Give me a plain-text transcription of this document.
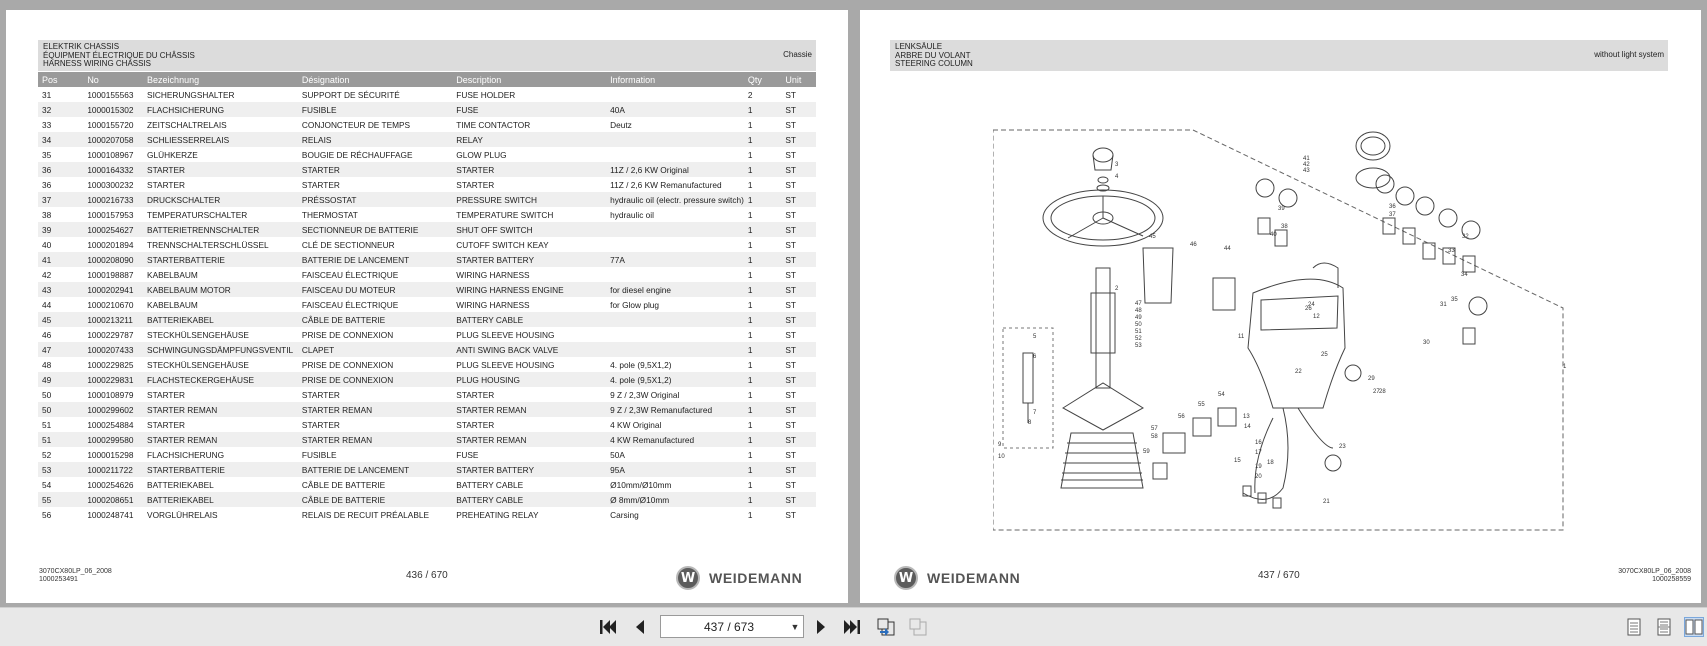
ELEKTRIK CHASSIS
ÉQUIPMENT ÉLECTRIQUE DU CHÂSSIS
HARNESS WIRING CHASSIS
Chassie
Pos	No	Bezeichnung	Désignation	Description	Information	Qty	Unit
31	1000155563	SICHERUNGSHALTER	SUPPORT DE SÉCURITÉ	FUSE HOLDER		2	ST
32	1000015302	FLACHSICHERUNG	FUSIBLE	FUSE	40A	1	ST
33	1000155720	ZEITSCHALTRELAIS	CONJONCTEUR DE TEMPS	TIME CONTACTOR	Deutz	1	ST
34	1000207058	SCHLIESSERRELAIS	RELAIS	RELAY		1	ST
35	1000108967	GLÜHKERZE	BOUGIE DE RÉCHAUFFAGE	GLOW PLUG		1	ST
36	1000164332	STARTER	STARTER	STARTER	11Z / 2,6 KW Original	1	ST
36	1000300232	STARTER	STARTER	STARTER	11Z / 2,6 KW Remanufactured	1	ST
37	1000216733	DRUCKSCHALTER	PRÉSSOSTAT	PRESSURE SWITCH	hydraulic oil (electr. pressure switch)	1	ST
38	1000157953	TEMPERATURSCHALTER	THERMOSTAT	TEMPERATURE SWITCH	hydraulic oil	1	ST
39	1000254627	BATTERIETRENNSCHALTER	SECTIONNEUR DE BATTERIE	SHUT OFF SWITCH		1	ST
40	1000201894	TRENNSCHALTERSCHLÜSSEL	CLÉ DE SECTIONNEUR	CUTOFF SWITCH KEAY		1	ST
41	1000208090	STARTERBATTERIE	BATTERIE DE LANCEMENT	STARTER BATTERY	77A	1	ST
42	1000198887	KABELBAUM	FAISCEAU ÉLECTRIQUE	WIRING HARNESS		1	ST
43	1000202941	KABELBAUM MOTOR	FAISCEAU DU MOTEUR	WIRING HARNESS ENGINE	for diesel engine	1	ST
44	1000210670	KABELBAUM	FAISCEAU ÉLECTRIQUE	WIRING HARNESS	for Glow plug	1	ST
45	1000213211	BATTERIEKABEL	CÂBLE DE BATTERIE	BATTERY CABLE		1	ST
46	1000229787	STECKHÜLSENGEHÄUSE	PRISE DE CONNEXION	PLUG SLEEVE HOUSING		1	ST
47	1000207433	SCHWINGUNGSDÄMPFUNGSVENTIL	CLAPET	ANTI SWING BACK VALVE		1	ST
48	1000229825	STECKHÜLSENGEHÄUSE	PRISE DE CONNEXION	PLUG SLEEVE HOUSING	4. pole (9,5X1,2)	1	ST
49	1000229831	FLACHSTECKERGEHÄUSE	PRISE DE CONNEXION	PLUG HOUSING	4. pole (9,5X1,2)	1	ST
50	1000108979	STARTER	STARTER	STARTER	9 Z / 2,3W Original	1	ST
50	1000299602	STARTER REMAN	STARTER REMAN	STARTER REMAN	9 Z / 2,3W Remanufactured	1	ST
51	1000254884	STARTER	STARTER	STARTER	4 KW Original	1	ST
51	1000299580	STARTER REMAN	STARTER REMAN	STARTER REMAN	4 KW Remanufactured	1	ST
52	1000015298	FLACHSICHERUNG	FUSIBLE	FUSE	50A	1	ST
53	1000211722	STARTERBATTERIE	BATTERIE DE LANCEMENT	STARTER BATTERY	95A	1	ST
54	1000254626	BATTERIEKABEL	CÂBLE DE BATTERIE	BATTERY CABLE	Ø10mm/Ø10mm	1	ST
55	1000208651	BATTERIEKABEL	CÂBLE DE BATTERIE	BATTERY CABLE	Ø 8mm/Ø10mm	1	ST
56	1000248741	VORGLÜHRELAIS	RELAIS DE RECUIT PRÉALABLE	PREHEATING RELAY	Carsing	1	ST
3070CX80LP_06_2008
1000253491	436 / 670	W WEIDEMANN
LENKSÄULE
ARBRE DU VOLANT
STEERING COLUMN
without light system
1
2
3
4
5
6
7
8
9
10
11
12
13
14
15
16
17
18
19
20
21
22
23
24
25
26
27 28
29
30
31
32
33
34
35
36
37
38
39
40
41
42
43
44
45
46
47
48
49
50
51
52
53
54
55
56
57
58
59
W WEIDEMANN	437 / 670	3070CX80LP_06_2008
1000258559
437 / 673	▼
